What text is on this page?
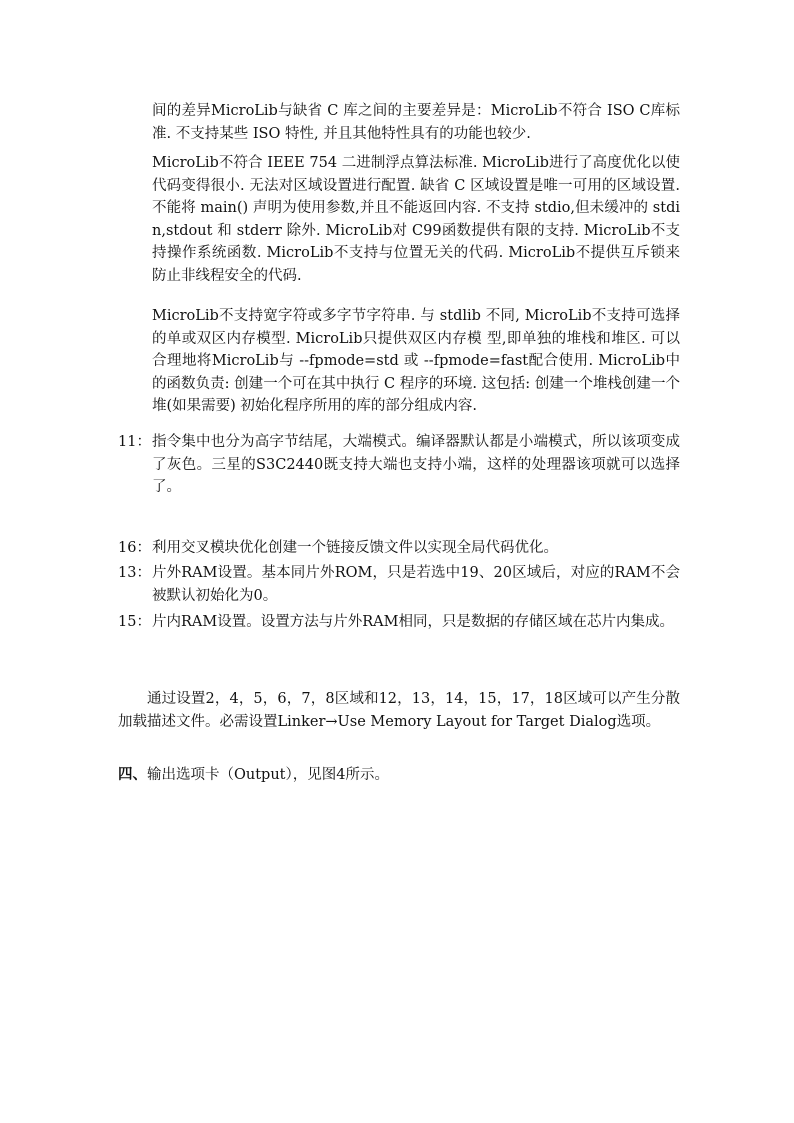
间的差异MicroLib与缺省 C 库之间的主要差异是：MicroLib不符合 ISO C库标准. 不支持某些 ISO 特性, 并且其他特性具有的功能也较少.
MicroLib不符合 IEEE 754 二进制浮点算法标准. MicroLib进行了高度优化以使代码变得很小. 无法对区域设置进行配置. 缺省 C 区域设置是唯一可用的区域设置. 不能将 main() 声明为使用参数,并且不能返回内容. 不支持 stdio,但未缓冲的 stdin,stdout 和 stderr 除外. MicroLib对 C99函数提供有限的支持. MicroLib不支持操作系统函数. MicroLib不支持与位置无关的代码. MicroLib不提供互斥锁来防止非线程安全的代码.
MicroLib不支持宽字符或多字节字符串. 与 stdlib 不同, MicroLib不支持可选择的单或双区内存模型. MicroLib只提供双区内存模 型,即单独的堆栈和堆区. 可以合理地将MicroLib与 --fpmode=std 或 --fpmode=fast配合使用. MicroLib中的函数负责: 创建一个可在其中执行 C 程序的环境. 这包括: 创建一个堆栈创建一个堆(如果需要) 初始化程序所用的库的部分组成内容.
11： 指令集中也分为高字节结尾，大端模式。编译器默认都是小端模式，所以该项变成了灰色。三星的S3C2440既支持大端也支持小端，这样的处理器该项就可以选择了。
16： 利用交叉模块优化创建一个链接反馈文件以实现全局代码优化。
13： 片外RAM设置。基本同片外ROM，只是若选中19、20区域后，对应的RAM不会被默认初始化为0。
15： 片内RAM设置。设置方法与片外RAM相同，只是数据的存储区域在芯片内集成。
通过设置2，4，5，6，7，8区域和12，13，14，15，17，18区域可以产生分散加载描述文件。必需设置Linker→Use Memory Layout for Target Dialog选项。
四、输出选项卡（Output），见图4所示。
